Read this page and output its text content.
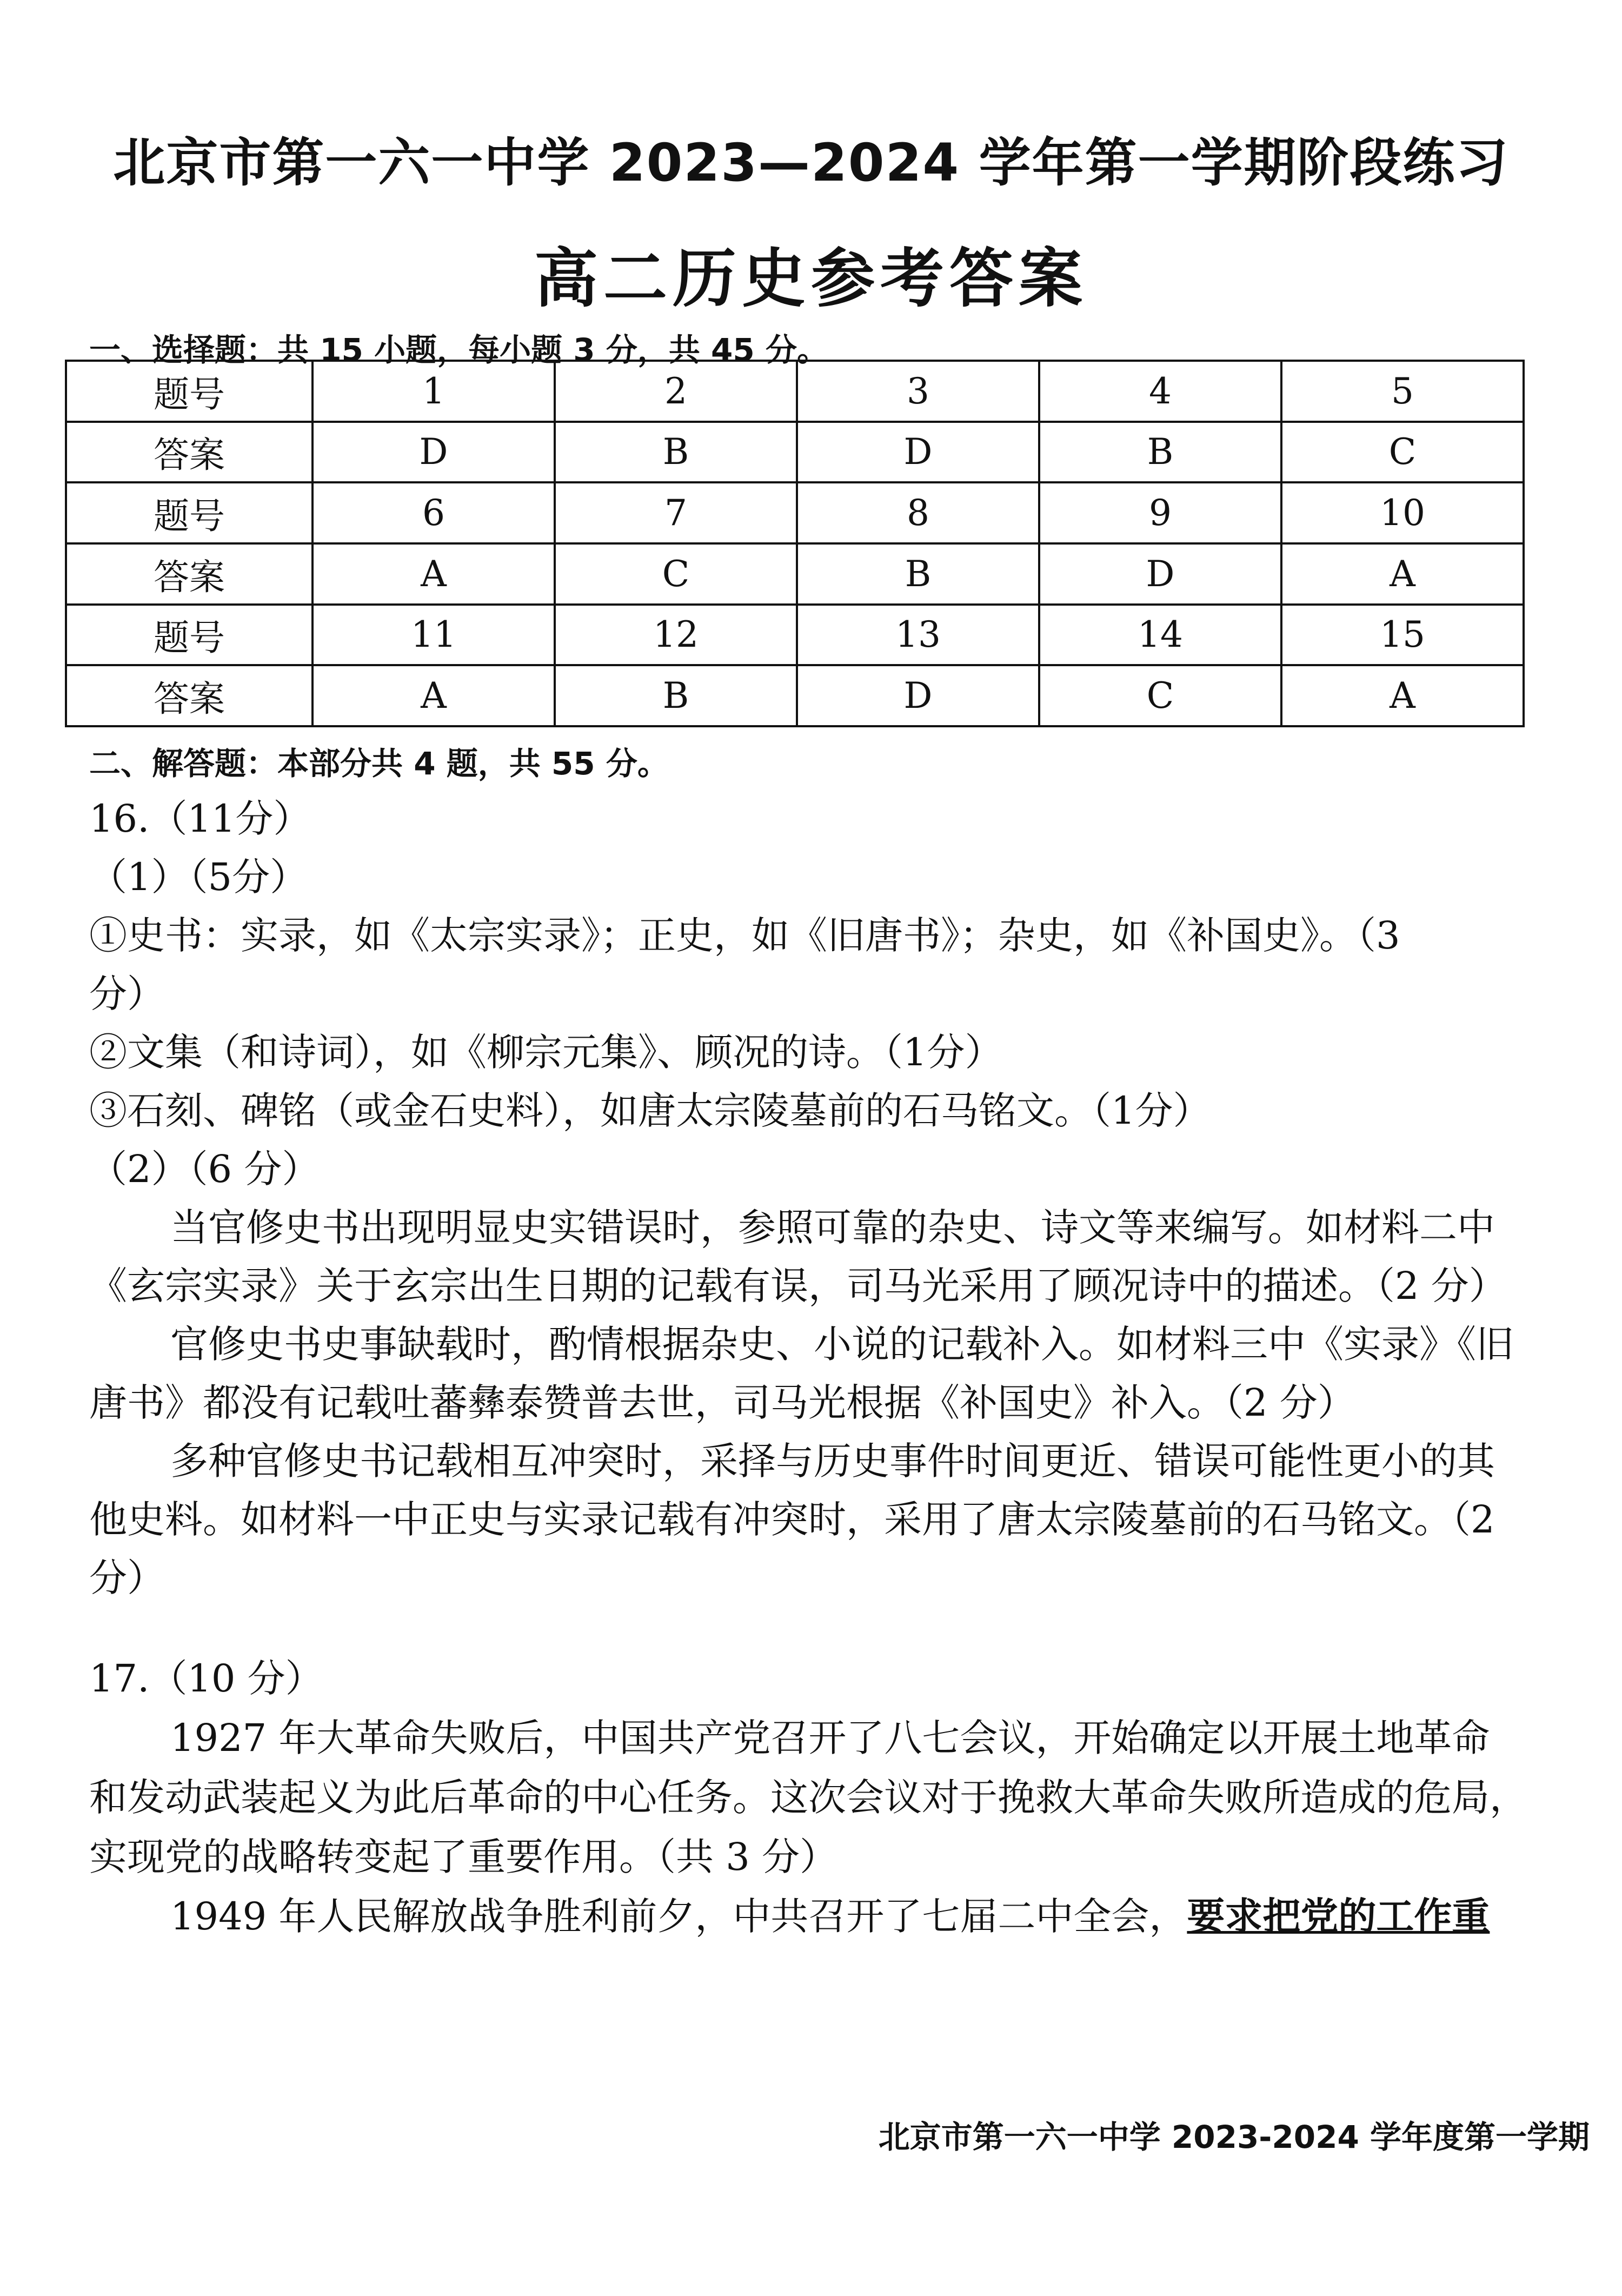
北京市第一六一中学 2023—2024 学年第一学期阶段练习
高二历史参考答案
一、选择题：共 15 小题，每小题 3 分，共 45 分。
题号	1	2	3	4	5
答案	D	B	D	B	C
题号	6	7	8	9	10
答案	A	C	B	D	A
题号	11	12	13	14	15
答案	A	B	D	C	A
二、解答题：本部分共 4 题，共 55 分。
16.（11分）
（1）（5分）
①史书：实录，如《太宗实录》；正史，如《旧唐书》；杂史，如《补国史》。（3
分）
②文集（和诗词），如《柳宗元集》、顾况的诗。（1分）
③石刻、碑铭（或金石史料），如唐太宗陵墓前的石马铭文。（1分）
（2）（6 分）
当官修史书出现明显史实错误时，参照可靠的杂史、诗文等来编写。如材料二中
《玄宗实录》关于玄宗出生日期的记载有误，司马光采用了顾况诗中的描述。（2 分）
官修史书史事缺载时，酌情根据杂史、小说的记载补入。如材料三中《实录》《旧
唐书》都没有记载吐蕃彝泰赞普去世，司马光根据《补国史》补入。（2 分）
多种官修史书记载相互冲突时，采择与历史事件时间更近、错误可能性更小的其
他史料。如材料一中正史与实录记载有冲突时，采用了唐太宗陵墓前的石马铭文。（2
分）
17.（10 分）
1927 年大革命失败后，中国共产党召开了八七会议，开始确定以开展土地革命
和发动武装起义为此后革命的中心任务。这次会议对于挽救大革命失败所造成的危局，
实现党的战略转变起了重要作用。（共 3 分）
1949 年人民解放战争胜利前夕，中共召开了七届二中全会，要求把党的工作重
北京市第一六一中学 2023-2024 学年度第一学期
